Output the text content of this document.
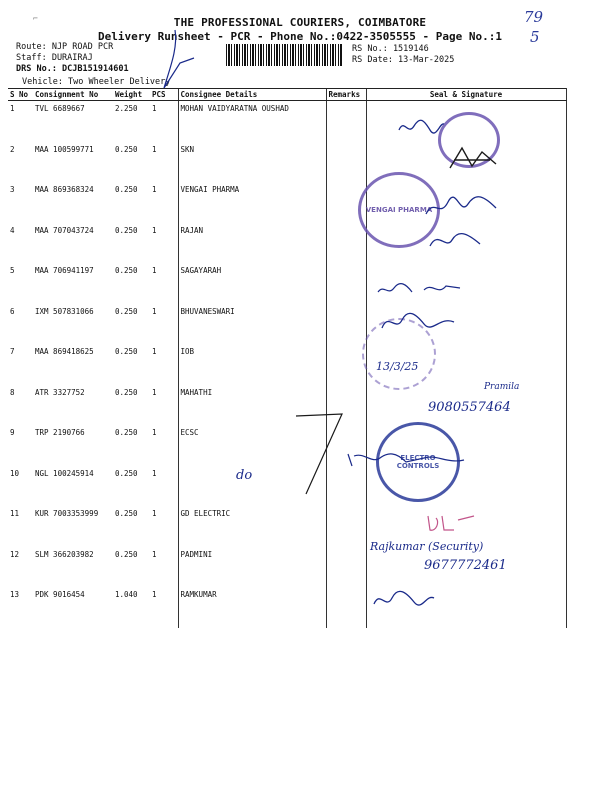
⌐	THE PROFESSIONAL COURIERS, COIMBATORE
Delivery Runsheet - PCR - Phone No.:0422-3505555 - Page No.:1
79
5
Route: NJP ROAD PCR
Staff: DURAIRAJ
DRS No.: DCJB151914601
RS No.: 1519146
RS Date: 13-Mar-2025
Vehicle: Two Wheeler Delivery
S No	Consignment No	Weight	PCS	Consignee Details	Remarks	Seal & Signature
1	TVL 6689667	2.250	1	MOHAN VAIDYARATNA OUSHAD		
2	MAA 100599771	0.250	1	SKN		
3	MAA 869368324	0.250	1	VENGAI PHARMA		
4	MAA 707043724	0.250	1	RAJAN		
5	MAA 706941197	0.250	1	SAGAYARAH		
6	IXM 507831066	0.250	1	BHUVANESWARI		
7	MAA 869418625	0.250	1	IOB		
8	ATR 3327752	0.250	1	MAHATHI		
9	TRP 2190766	0.250	1	ECSC		
10	NGL 100245914	0.250	1			
11	KUR 7003353999	0.250	1	GD ELECTRIC		
12	SLM 366203982	0.250	1	PADMINI		
13	PDK 9016454	1.040	1	RAMKUMAR		
VENGAI PHARMA
ELECTRO CONTROLS
13/3/25
Pramila
9080557464
do
Rajkumar (Security)
9677772461
